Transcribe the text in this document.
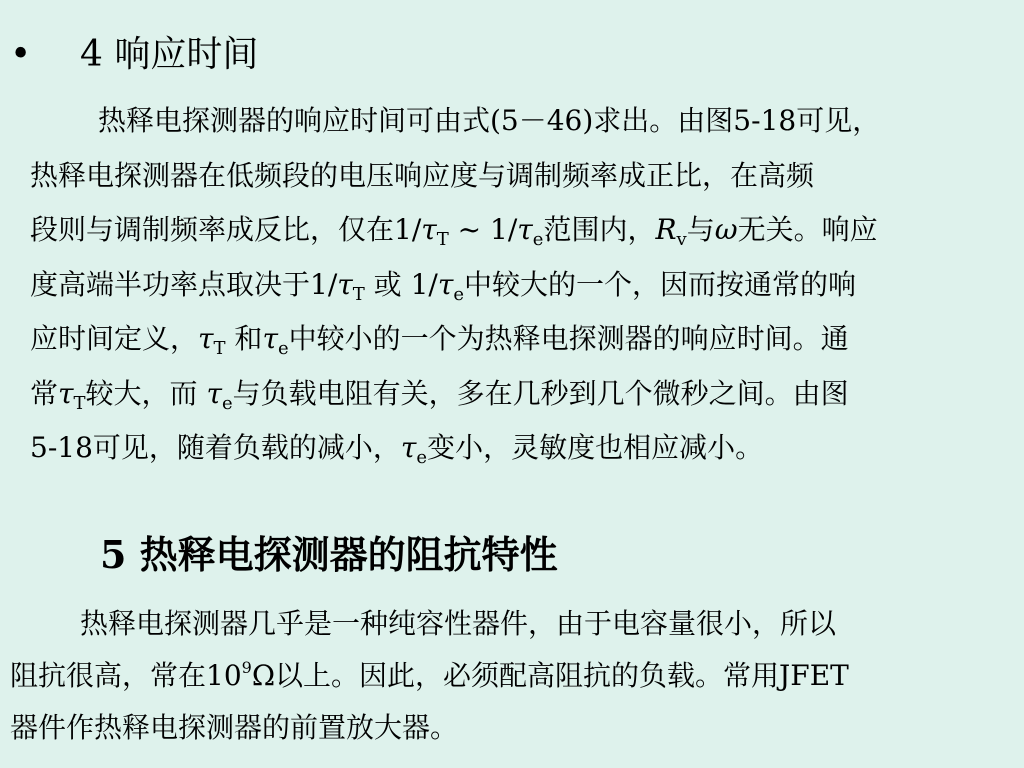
• 4 响应时间
热释电探测器的响应时间可由式(5－46)求出。由图5-18可见，
热释电探测器在低频段的电压响应度与调制频率成正比，在高频
段则与调制频率成反比，仅在$1/\tau_T$ ~ $1/\tau_e$范围内，$R_v$与ω无关。响应
度高端半功率点取决于$1/\tau_T$ 或 $1/\tau_e$中较大的一个，因而按通常的响
应时间定义，$\tau_T$ 和$\tau_e$中较小的一个为热释电探测器的响应时间。通
常$\tau_T$较大，而 $\tau_e$与负载电阻有关，多在几秒到几个微秒之间。由图
5-18可见，随着负载的减小，$\tau_e$变小，灵敏度也相应减小。
5 热释电探测器的阻抗特性
热释电探测器几乎是一种纯容性器件，由于电容量很小，所以
阻抗很高，常在$10^9\Omega$以上。因此，必须配高阻抗的负载。常用JFET
器件作热释电探测器的前置放大器。
